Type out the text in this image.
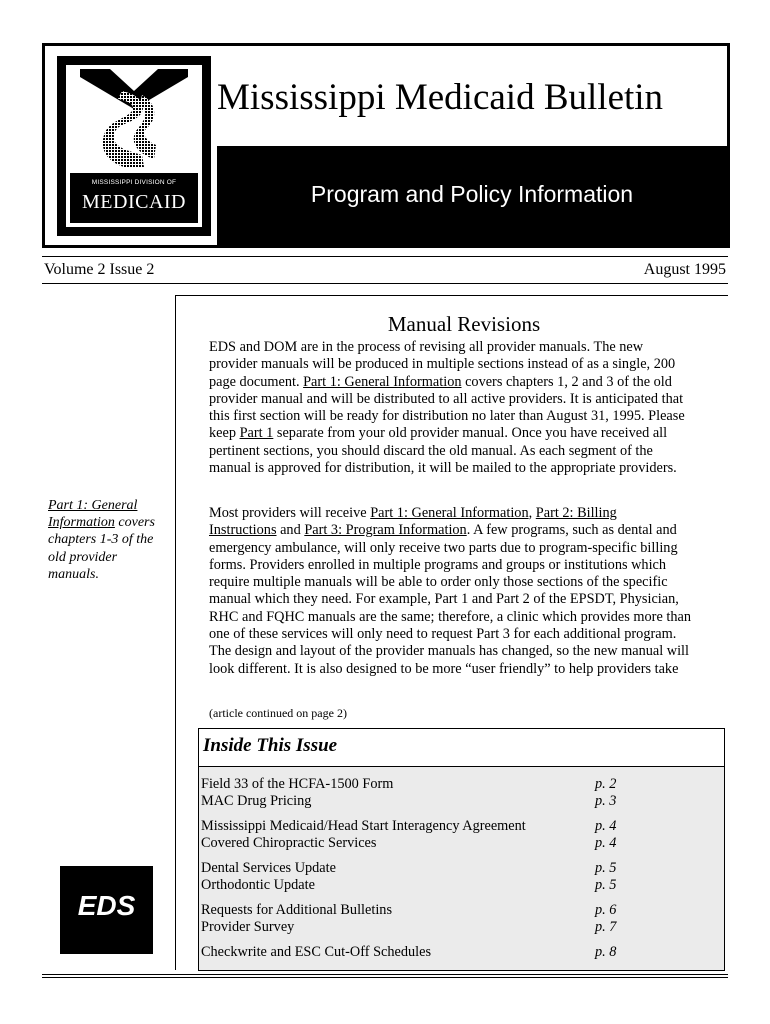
MISSISSIPPI DIVISION OF
MEDICAID
Mississippi Medicaid Bulletin
Program and Policy Information
Volume 2 Issue 2	August 1995
Manual Revisions
EDS and DOM are in the process of revising all provider manuals. The new
provider manuals will be produced in multiple sections instead of as a single, 200
page document. Part 1: General Information covers chapters 1, 2 and 3 of the old
provider manual and will be distributed to all active providers. It is anticipated that
this first section will be ready for distribution no later than August 31, 1995. Please
keep Part 1 separate from your old provider manual. Once you have received all
pertinent sections, you should discard the old manual. As each segment of the
manual is approved for distribution, it will be mailed to the appropriate providers.
Most providers will receive Part 1: General Information, Part 2: Billing
Instructions and Part 3: Program Information. A few programs, such as dental and
emergency ambulance, will only receive two parts due to program-specific billing
forms. Providers enrolled in multiple programs and groups or institutions which
require multiple manuals will be able to order only those sections of the specific
manual which they need. For example, Part 1 and Part 2 of the EPSDT, Physician,
RHC and FQHC manuals are the same; therefore, a clinic which provides more than
one of these services will only need to request Part 3 for each additional program.
The design and layout of the provider manuals has changed, so the new manual will
look different. It is also designed to be more “user friendly” to help providers take
(article continued on page 2)
Part 1: General
Information covers
chapters 1-3 of the
old provider
manuals.
EDS
Inside This Issue
Field 33 of the HCFA-1500 Form	p. 2
MAC Drug Pricing	p. 3
Mississippi Medicaid/Head Start Interagency Agreement	p. 4
Covered Chiropractic Services	p. 4
Dental Services Update	p. 5
Orthodontic Update	p. 5
Requests for Additional Bulletins	p. 6
Provider Survey	p. 7
Checkwrite and ESC Cut-Off Schedules	p. 8
